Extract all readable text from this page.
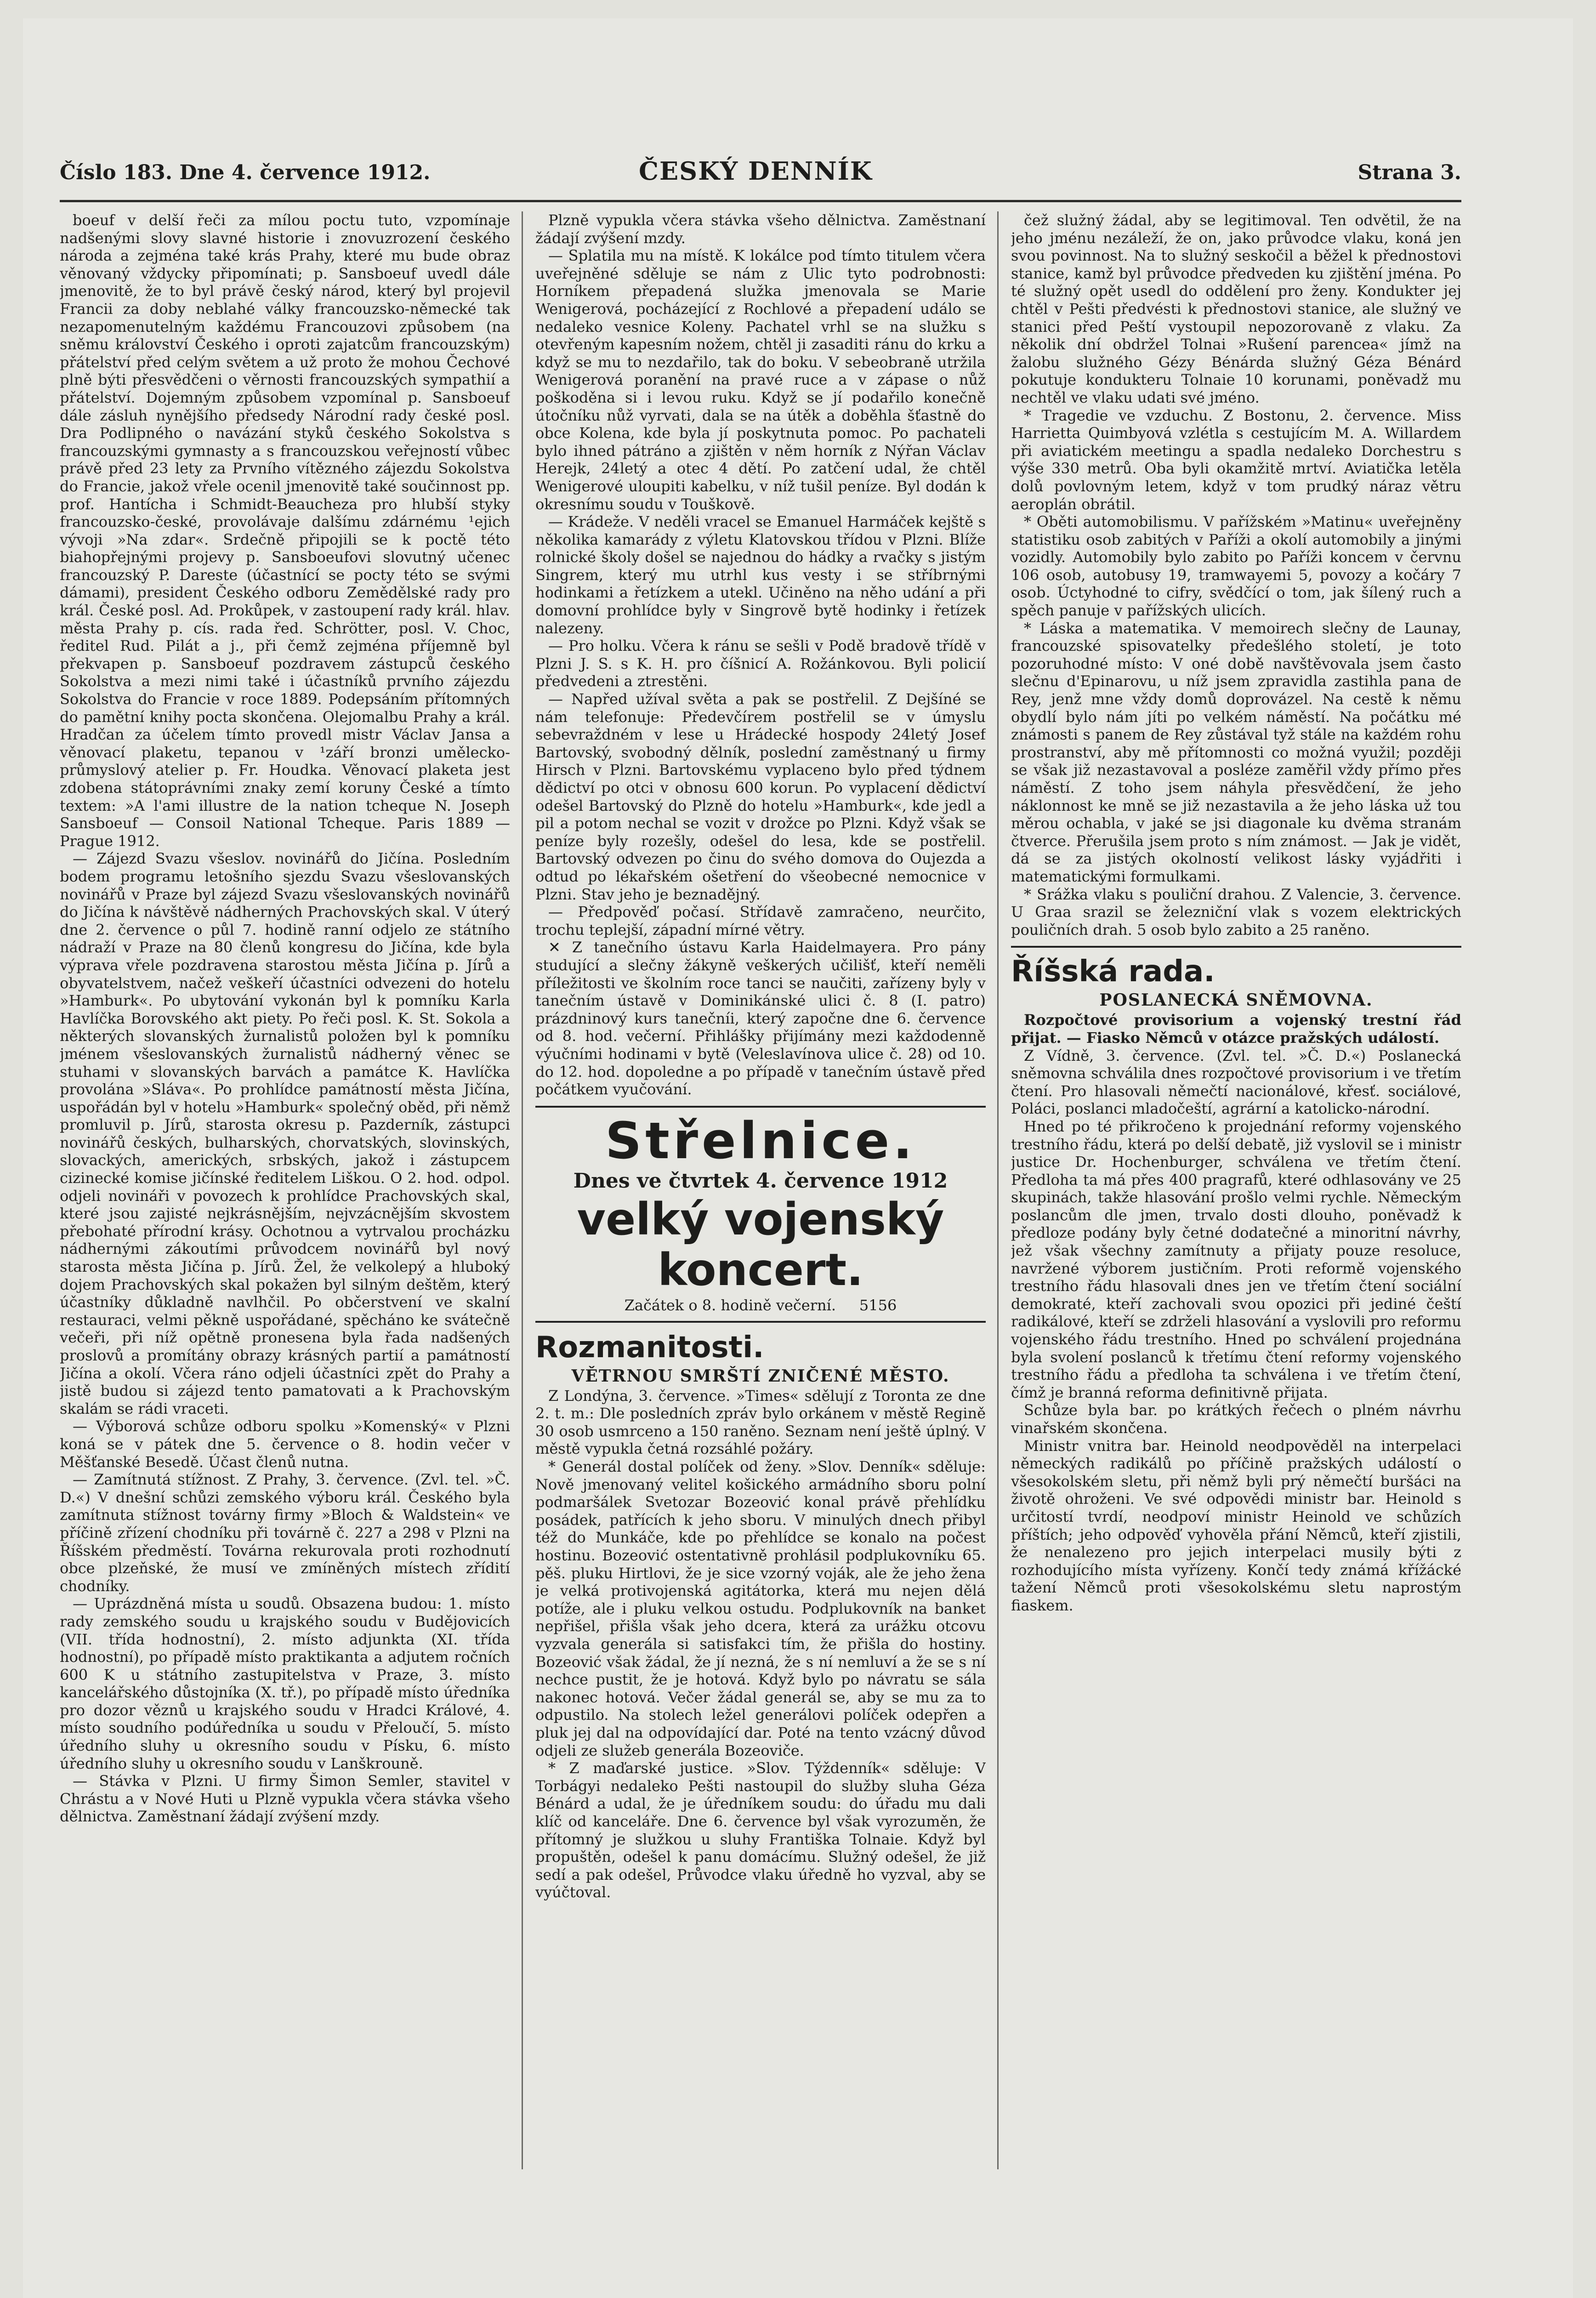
Číslo 183. Dne 4. července 1912.	ČESKÝ DENNÍK	Strana 3.

boeuf v delší řeči za mílou poctu tuto, vzpomínaje nadšenými slovy slavné historie i znovuzrození českého národa a zejména také krás Prahy, které mu bude obraz věnovaný vždycky připomínati; p. Sansboeuf uvedl dále jmenovitě, že to byl právě český národ, který byl projevil Francii za doby neblahé války francouzsko-německé tak nezapomenutelným každému Francouzovi způsobem (na sněmu království Českého i oproti zajatcům francouzským) přátelství před celým světem a už proto že mohou Čechové plně býti přesvědčeni o věrnosti francouzských sympathií a přátelství. Dojemným způsobem vzpomínal p. Sansboeuf dále zásluh nynějšího předsedy Národní rady české posl. Dra Podlipného o navázání styků českého Sokolstva s francouzskými gymnasty a s francouzskou veřejností vůbec právě před 23 lety za Prvního vítězného zájezdu Sokolstva do Francie, jakož vřele ocenil jmenovitě také součinnost pp. prof. Hantícha i Schmidt-Beaucheza pro hlubší styky francouzsko-české, provolávaje dalšímu zdárnému ¹ejich vývoji »Na zdar«. Srdečně připojili se k poctě této biahopřejnými projevy p. Sansboeufovi slovutný učenec francouzský P. Dareste (účastnící se pocty této se svými dámami), president Českého odboru Zemědělské rady pro král. České posl. Ad. Prokůpek, v zastoupení rady král. hlav. města Prahy p. cís. rada řed. Schrötter, posl. V. Choc, ředitel Rud. Pilát a j., při čemž zejména příjemně byl překvapen p. Sansboeuf pozdravem zástupců českého Sokolstva a mezi nimi také i účastníků prvního zájezdu Sokolstva do Francie v roce 1889. Podepsáním přítomných do pamětní knihy pocta skončena. Olejomalbu Prahy a král. Hradčan za účelem tímto provedl mistr Václav Jansa a věnovací plaketu, tepanou v ¹září bronzi umělecko-průmyslový atelier p. Fr. Houdka. Věnovací plaketa jest zdobena státoprávními znaky zemí koruny České a tímto textem: »A l'ami illustre de la nation tcheque N. Joseph Sansboeuf — Consoil National Tcheque. Paris 1889 — Prague 1912.

— Zájezd Svazu všeslov. novinářů do Jičína. Posledním bodem programu letošního sjezdu Svazu všeslovanských novinářů v Praze byl zájezd Svazu všeslovanských novinářů do Jičína k návštěvě nádherných Prachovských skal. V úterý dne 2. července o půl 7. hodině ranní odjelo ze státního nádraží v Praze na 80 členů kongresu do Jičína, kde byla výprava vřele pozdravena starostou města Jičína p. Jírů a obyvatelstvem, načež veškeří účastníci odvezeni do hotelu »Hamburk«. Po ubytování vykonán byl k pomníku Karla Havlíčka Borovského akt piety. Po řeči posl. K. St. Sokola a některých slovanských žurnalistů položen byl k pomníku jménem všeslovanských žurnalistů nádherný věnec se stuhami v slovanských barvách a památce K. Havlíčka provolána »Sláva«. Po prohlídce památností města Jičína, uspořádán byl v hotelu »Hamburk« společný oběd, při němž promluvil p. Jírů, starosta okresu p. Pazderník, zástupci novinářů českých, bulharských, chorvatských, slovinských, slovackých, amerických, srbských, jakož i zástupcem cizinecké komise jičínské ředitelem Liškou. O 2. hod. odpol. odjeli novináři v povozech k prohlídce Prachovských skal, které jsou zajisté nejkrásnějším, nejvzácnějším skvostem přebohaté přírodní krásy. Ochotnou a vytrvalou procházku nádhernými zákoutími průvodcem novinářů byl nový starosta města Jičína p. Jírů. Žel, že velkolepý a hluboký dojem Prachovských skal pokažen byl silným deštěm, který účastníky důkladně navlhčil. Po občerstvení ve skalní restauraci, velmi pěkně uspořádané, spěcháno ke svátečně večeři, při níž opětně pronesena byla řada nadšených proslovů a promítány obrazy krásných partií a památností Jičína a okolí. Včera ráno odjeli účastníci zpět do Prahy a jistě budou si zájezd tento pamatovati a k Prachovským skalám se rádi vraceti.

— Výborová schůze odboru spolku »Komenský« v Plzni koná se v pátek dne 5. července o 8. hodin večer v Měšťanské Besedě. Účast členů nutna.

— Zamítnutá stížnost. Z Prahy, 3. července. (Zvl. tel. »Č. D.«) V dnešní schůzi zemského výboru král. Českého byla zamítnuta stížnost továrny firmy »Bloch & Waldstein« ve příčině zřízení chodníku při továrně č. 227 a 298 v Plzni na Říšském předměstí. Továrna rekurovala proti rozhodnutí obce plzeňské, že musí ve zmíněných místech zřídití chodníky.

— Uprázdněná místa u soudů. Obsazena budou: 1. místo rady zemského soudu u krajského soudu v Budějovicích (VII. třída hodnostní), 2. místo adjunkta (XI. třída hodnostní), po případě místo praktikanta a adjutem ročních 600 K u státního zastupitelstva v Praze, 3. místo kancelářského důstojníka (X. tř.), po případě místo úředníka pro dozor věznů u krajského soudu v Hradci Králové, 4. místo soudního podúředníka u soudu v Přeloučí, 5. místo úředního sluhy u okresního soudu v Písku, 6. místo úředního sluhy u okresního soudu v Lanškrouně.

— Stávka v Plzni. U firmy Šimon Semler, stavitel v Chrástu a v Nové Huti u Plzně vypukla včera stávka všeho dělnictva. Zaměstnaní žádají zvýšení mzdy.

Plzně vypukla včera stávka všeho dělnictva. Zaměstnaní žádají zvýšení mzdy.

— Splatila mu na místě. K lokálce pod tímto titulem včera uveřejněné sděluje se nám z Ulic tyto podrobnosti: Horníkem přepadená služka jmenovala se Marie Wenigerová, pocházející z Rochlové a přepadení událo se nedaleko vesnice Koleny. Pachatel vrhl se na služku s otevřeným kapesním nožem, chtěl ji zasaditi ránu do krku a když se mu to nezdařilo, tak do boku. V sebeobraně utržila Wenigerová poranění na pravé ruce a v zápase o nůž poškoděna si i levou ruku. Když se jí podařilo konečně útočníku nůž vyrvati, dala se na útěk a doběhla šťastně do obce Kolena, kde byla jí poskytnuta pomoc. Po pachateli bylo ihned pátráno a zjištěn v něm horník z Nýřan Václav Herejk, 24letý a otec 4 dětí. Po zatčení udal, že chtěl Wenigerové uloupiti kabelku, v níž tušil peníze. Byl dodán k okresnímu soudu v Touškově.

— Krádeže. V neděli vracel se Emanuel Harmáček kejště s několika kamarády z výletu Klatovskou třídou v Plzni. Blíže rolnické školy došel se najednou do hádky a rvačky s jistým Singrem, který mu utrhl kus vesty i se stříbrnými hodinkami a řetízkem a utekl. Učiněno na něho udání a při domovní prohlídce byly v Singrově bytě hodinky i řetízek nalezeny.

— Pro holku. Včera k ránu se sešli v Podě bradově třídě v Plzni J. S. s K. H. pro číšnicí A. Rožánkovou. Byli policií předvedeni a ztrestěni.

— Napřed užíval světa a pak se postřelil. Z Dejšíné se nám telefonuje: Předevčírem postřelil se v úmyslu sebevraždném v lese u Hrádecké hospody 24letý Josef Bartovský, svobodný dělník, poslední zaměstnaný u firmy Hirsch v Plzni. Bartovskému vyplaceno bylo před týdnem dědictví po otci v obnosu 600 korun. Po vyplacení dědictví odešel Bartovský do Plzně do hotelu »Hamburk«, kde jedl a pil a potom nechal se vozit v drožce po Plzni. Když však se peníze byly rozešly, odešel do lesa, kde se postřelil. Bartovský odvezen po činu do svého domova do Oujezda a odtud po lékařském ošetření do všeobecné nemocnice v Plzni. Stav jeho je beznadějný.

— Předpověď počasí. Střídavě zamračeno, neurčito, trochu teplejší, západní mírné větry.

✕ Z tanečního ústavu Karla Haidelmayera. Pro pány studující a slečny žákyně veškerých učilišť, kteří neměli příležitosti ve školním roce tanci se naučiti, zařízeny byly v tanečním ústavě v Dominikánské ulici č. 8 (I. patro) prázdninový kurs tanečníi, který započne dne 6. července od 8. hod. večerní. Přihlášky přijímány mezi každodenně výučními hodinami v bytě (Veleslavínova ulice č. 28) od 10. do 12. hod. dopoledne a po případě v tanečním ústavě před počátkem vyučování.

Střelnice.
Dnes ve čtvrtek 4. července 1912
velký vojenský koncert.
Začátek o 8. hodině večerní. 5156
Rozmanitosti.
VĚTRNOU SMRŠTÍ ZNIČENÉ MĚSTO.

Z Londýna, 3. července. »Times« sdělují z Toronta ze dne 2. t. m.: Dle posledních zpráv bylo orkánem v městě Regině 30 osob usmrceno a 150 raněno. Seznam není ještě úplný. V městě vypukla četná rozsáhlé požáry.

* Generál dostal políček od ženy. »Slov. Denník« sděluje: Nově jmenovaný velitel košického armádního sboru polní podmaršálek Svetozar Bozeović konal právě přehlídku posádek, patřících k jeho sboru. V minulých dnech přibyl též do Munkáče, kde po přehlídce se konalo na počest hostinu. Bozeović ostentativně prohlásil podplukovníku 65. pěš. pluku Hirtlovi, že je sice vzorný voják, ale že jeho žena je velká protivojenská agitátorka, která mu nejen dělá potíže, ale i pluku velkou ostudu. Podplukovník na banket nepřišel, přišla však jeho dcera, která za urážku otcovu vyzvala generála si satisfakci tím, že přišla do hostiny. Bozeović však žádal, že jí nezná, že s ní nemluví a že se s ní nechce pustit, že je hotová. Když bylo po návratu se sála nakonec hotová. Večer žádal generál se, aby se mu za to odpustilo. Na stolech ležel generálovi políček odepřen a pluk jej dal na odpovídající dar. Poté na tento vzácný důvod odjeli ze služeb generála Bozeoviče.

* Z maďarské justice. »Slov. Týždenník« sděluje: V Torbágyi nedaleko Pešti nastoupil do služby sluha Géza Bénárd a udal, že je úředníkem soudu: do úřadu mu dali klíč od kanceláře. Dne 6. července byl však vyrozuměn, že přítomný je služkou u sluhy Františka Tolnaie. Když byl propuštěn, odešel k panu domácímu. Služný odešel, že již sedí a pak odešel, Průvodce vlaku úředně ho vyzval, aby se vyúčtoval.

čež služný žádal, aby se legitimoval. Ten odvětil, že na jeho jménu nezáleží, že on, jako průvodce vlaku, koná jen svou povinnost. Na to služný seskočil a běžel k přednostovi stanice, kamž byl průvodce předveden ku zjištění jména. Po té služný opět usedl do oddělení pro ženy. Kondukter jej chtěl v Pešti předvésti k přednostovi stanice, ale služný ve stanici před Peští vystoupil nepozorovaně z vlaku. Za několik dní obdržel Tolnai »Rušení parencea« jímž na žalobu služného Gézy Bénárda služný Géza Bénárd pokutuje kondukteru Tolnaie 10 korunami, poněvadž mu nechtěl ve vlaku udati své jméno.

* Tragedie ve vzduchu. Z Bostonu, 2. července. Miss Harrietta Quimbyová vzlétla s cestujícím M. A. Willardem při aviatickém meetingu a spadla nedaleko Dorchestru s výše 330 metrů. Oba byli okamžitě mrtví. Aviatička letěla dolů povlovným letem, když v tom prudký náraz větru aeroplán obrátil.

* Oběti automobilismu. V pařížském »Matinu« uveřejněny statistiku osob zabitých v Paříži a okolí automobily a jinými vozidly. Automobily bylo zabito po Paříži koncem v červnu 106 osob, autobusy 19, tramwayemi 5, povozy a kočáry 7 osob. Úctyhodné to cifry, svědčící o tom, jak šílený ruch a spěch panuje v pařížských ulicích.

* Láska a matematika. V memoirech slečny de Launay, francouzské spisovatelky předešlého století, je toto pozoruhodné místo: V oné době navštěvovala jsem často slečnu d'Epinarovu, u níž jsem zpravidla zastihla pana de Rey, jenž mne vždy domů doprovázel. Na cestě k němu obydlí bylo nám jíti po velkém náměstí. Na počátku mé známosti s panem de Rey zůstával tyž stále na každém rohu prostranství, aby mě přítomnosti co možná využil; později se však již nezastavoval a posléze zaměřil vždy přímo přes náměstí. Z toho jsem náhyla přesvědčení, že jeho náklonnost ke mně se již nezastavila a že jeho láska už tou měrou ochabla, v jaké se jsi diagonale ku dvěma stranám čtverce. Přerušila jsem proto s ním známost. — Jak je vidět, dá se za jistých okolností velikost lásky vyjádřiti i matematickými formulkami.

* Srážka vlaku s pouliční drahou. Z Valencie, 3. července. U Graa srazil se železniční vlak s vozem elektrických pouličních drah. 5 osob bylo zabito a 25 raněno.

Říšská rada.
POSLANECKÁ SNĚMOVNA.

Rozpočtové provisorium a vojenský trestní řád přijat. — Fiasko Němců v otázce pražských událostí.

Z Vídně, 3. července. (Zvl. tel. »Č. D.«) Poslanecká sněmovna schválila dnes rozpočtové provisorium i ve třetím čtení. Pro hlasovali němečtí nacionálové, křesť. sociálové, Poláci, poslanci mladočeští, agrární a katolicko-národní.

Hned po té přikročeno k projednání reformy vojenského trestního řádu, která po delší debatě, již vyslovil se i ministr justice Dr. Hochenburger, schválena ve třetím čtení. Předloha ta má přes 400 pragrafů, které odhlasovány ve 25 skupinách, takže hlasování prošlo velmi rychle. Německým poslancům dle jmen, trvalo dosti dlouho, poněvadž k předloze podány byly četné dodatečné a minoritní návrhy, jež však všechny zamítnuty a přijaty pouze resoluce, navržené výborem justičním. Proti reformě vojenského trestního řádu hlasovali dnes jen ve třetím čtení sociální demokraté, kteří zachovali svou opozici při jediné čeští radikálové, kteří se zdrželi hlasování a vyslovili pro reformu vojenského řádu trestního. Hned po schválení projednána byla svolení poslanců k třetímu čtení reformy vojenského trestního řádu a předloha ta schválena i ve třetím čtení, čímž je branná reforma definitivně přijata.

Schůze byla bar. po krátkých řečech o plném návrhu vinařském skončena.

Ministr vnitra bar. Heinold neodpověděl na interpelaci německých radikálů po příčině pražských událostí o všesokolském sletu, při němž byli prý němečtí buršáci na životě ohroženi. Ve své odpovědi ministr bar. Heinold s určitostí tvrdí, neodpoví ministr Heinold ve schůzích příštích; jeho odpověď vyhověla přání Němců, kteří zjistili, že nenalezeno pro jejich interpelaci musily býti z rozhodujícího místa vyřízeny. Končí tedy známá křížácké tažení Němců proti všesokolskému sletu naprostým fiaskem.
